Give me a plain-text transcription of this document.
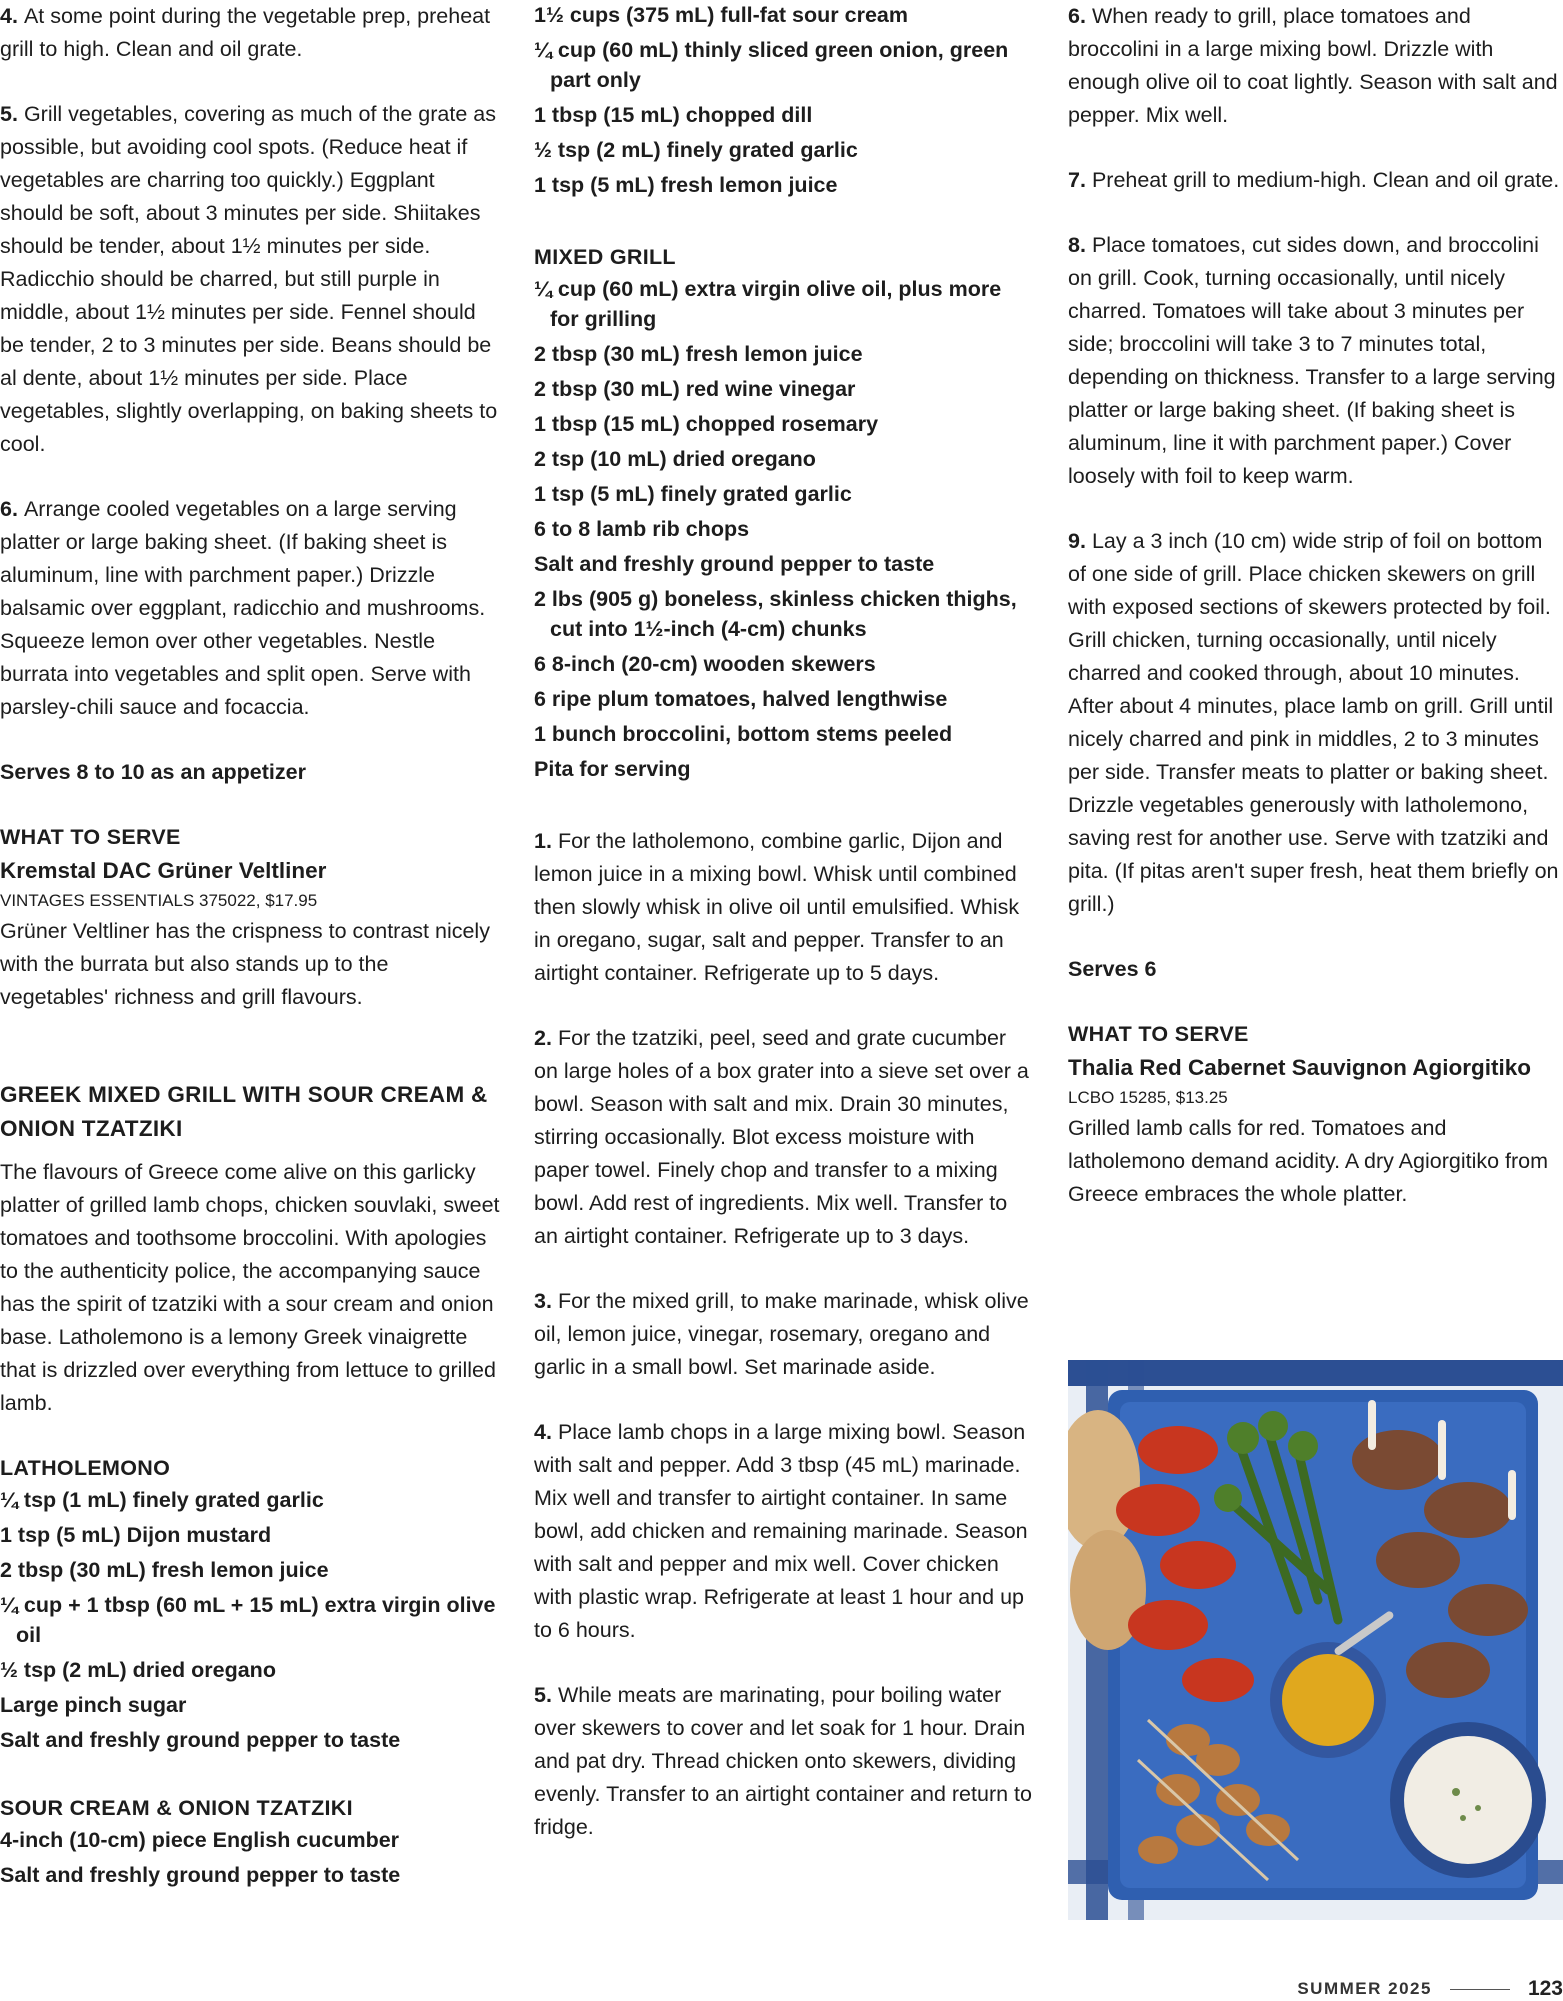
4. At some point during the vegetable prep, preheat grill to high. Clean and oil grate.

5. Grill vegetables, covering as much of the grate as possible, but avoiding cool spots. (Reduce heat if vegetables are charring too quickly.) Eggplant should be soft, about 3 minutes per side. Shiitakes should be tender, about 1½ minutes per side. Radicchio should be charred, but still purple in middle, about 1½ minutes per side. Fennel should be tender, 2 to 3 minutes per side. Beans should be al dente, about 1½ minutes per side. Place vegetables, slightly overlapping, on baking sheets to cool.

6. Arrange cooled vegetables on a large serving platter or large baking sheet. (If baking sheet is aluminum, line with parchment paper.) Drizzle balsamic over eggplant, radicchio and mushrooms. Squeeze lemon over other vegetables. Nestle burrata into vegetables and split open. Serve with parsley-chili sauce and focaccia.

Serves 8 to 10 as an appetizer

WHAT TO SERVE

Kremstal DAC Grüner Veltliner

VINTAGES ESSENTIALS 375022, $17.95

Grüner Veltliner has the crispness to contrast nicely with the burrata but also stands up to the vegetables' richness and grill flavours.

GREEK MIXED GRILL WITH SOUR CREAM & ONION TZATZIKI

The flavours of Greece come alive on this garlicky platter of grilled lamb chops, chicken souvlaki, sweet tomatoes and toothsome broccolini. With apologies to the authenticity police, the accompanying sauce has the spirit of tzatziki with a sour cream and onion base. Latholemono is a lemony Greek vinaigrette that is drizzled over everything from lettuce to grilled lamb.

LATHOLEMONO

¼ tsp (1 mL) finely grated garlic
1 tsp (5 mL) Dijon mustard
2 tbsp (30 mL) fresh lemon juice
¼ cup + 1 tbsp (60 mL + 15 mL) extra virgin olive oil
½ tsp (2 mL) dried oregano
Large pinch sugar
Salt and freshly ground pepper to taste

SOUR CREAM & ONION TZATZIKI

4-inch (10-cm) piece English cucumber
Salt and freshly ground pepper to taste
1½ cups (375 mL) full-fat sour cream
¼ cup (60 mL) thinly sliced green onion, green part only
1 tbsp (15 mL) chopped dill
½ tsp (2 mL) finely grated garlic
1 tsp (5 mL) fresh lemon juice

MIXED GRILL

¼ cup (60 mL) extra virgin olive oil, plus more for grilling
2 tbsp (30 mL) fresh lemon juice
2 tbsp (30 mL) red wine vinegar
1 tbsp (15 mL) chopped rosemary
2 tsp (10 mL) dried oregano
1 tsp (5 mL) finely grated garlic
6 to 8 lamb rib chops
Salt and freshly ground pepper to taste
2 lbs (905 g) boneless, skinless chicken thighs, cut into 1½-inch (4-cm) chunks
6 8-inch (20-cm) wooden skewers
6 ripe plum tomatoes, halved lengthwise
1 bunch broccolini, bottom stems peeled
Pita for serving

1. For the latholemono, combine garlic, Dijon and lemon juice in a mixing bowl. Whisk until combined then slowly whisk in olive oil until emulsified. Whisk in oregano, sugar, salt and pepper. Transfer to an airtight container. Refrigerate up to 5 days.

2. For the tzatziki, peel, seed and grate cucumber on large holes of a box grater into a sieve set over a bowl. Season with salt and mix. Drain 30 minutes, stirring occasionally. Blot excess moisture with paper towel. Finely chop and transfer to a mixing bowl. Add rest of ingredients. Mix well. Transfer to an airtight container. Refrigerate up to 3 days.

3. For the mixed grill, to make marinade, whisk olive oil, lemon juice, vinegar, rosemary, oregano and garlic in a small bowl. Set marinade aside.

4. Place lamb chops in a large mixing bowl. Season with salt and pepper. Add 3 tbsp (45 mL) marinade. Mix well and transfer to airtight container. In same bowl, add chicken and remaining marinade. Season with salt and pepper and mix well. Cover chicken with plastic wrap. Refrigerate at least 1 hour and up to 6 hours.

5. While meats are marinating, pour boiling water over skewers to cover and let soak for 1 hour. Drain and pat dry. Thread chicken onto skewers, dividing evenly. Transfer to an airtight container and return to fridge.

6. When ready to grill, place tomatoes and broccolini in a large mixing bowl. Drizzle with enough olive oil to coat lightly. Season with salt and pepper. Mix well.

7. Preheat grill to medium-high. Clean and oil grate.

8. Place tomatoes, cut sides down, and broccolini on grill. Cook, turning occasionally, until nicely charred. Tomatoes will take about 3 minutes per side; broccolini will take 3 to 7 minutes total, depending on thickness. Transfer to a large serving platter or large baking sheet. (If baking sheet is aluminum, line it with parchment paper.) Cover loosely with foil to keep warm.

9. Lay a 3 inch (10 cm) wide strip of foil on bottom of one side of grill. Place chicken skewers on grill with exposed sections of skewers protected by foil. Grill chicken, turning occasionally, until nicely charred and cooked through, about 10 minutes. After about 4 minutes, place lamb on grill. Grill until nicely charred and pink in middles, 2 to 3 minutes per side. Transfer meats to platter or baking sheet. Drizzle vegetables generously with latholemono, saving rest for another use. Serve with tzatziki and pita. (If pitas aren't super fresh, heat them briefly on grill.)

Serves 6

WHAT TO SERVE

Thalia Red Cabernet Sauvignon Agiorgitiko

LCBO 15285, $13.25

Grilled lamb calls for red. Tomatoes and latholemono demand acidity. A dry Agiorgitiko from Greece embraces the whole platter.

SUMMER 2025	123
